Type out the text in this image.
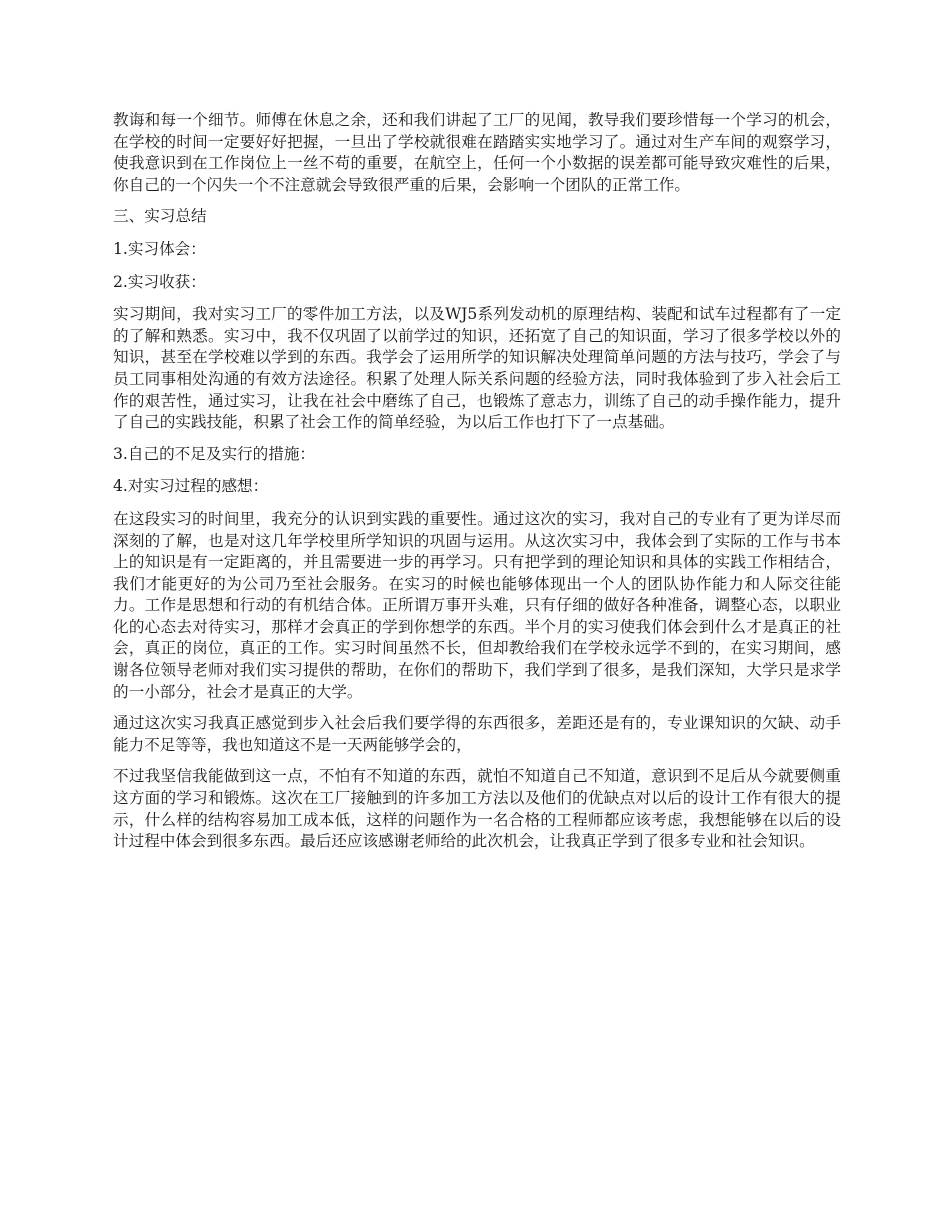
教诲和每一个细节。师傅在休息之余，还和我们讲起了工厂的见闻，教导我们要珍惜每一个学习的机会，在学校的时间一定要好好把握，一旦出了学校就很难在踏踏实实地学习了。通过对生产车间的观察学习，使我意识到在工作岗位上一丝不苟的重要，在航空上，任何一个小数据的误差都可能导致灾难性的后果，你自己的一个闪失一个不注意就会导致很严重的后果，会影响一个团队的正常工作。

三、实习总结

1.实习体会：

2.实习收获：

实习期间，我对实习工厂的零件加工方法，以及WJ5系列发动机的原理结构、装配和试车过程都有了一定的了解和熟悉。实习中，我不仅巩固了以前学过的知识，还拓宽了自己的知识面，学习了很多学校以外的知识，甚至在学校难以学到的东西。我学会了运用所学的知识解决处理简单问题的方法与技巧，学会了与员工同事相处沟通的有效方法途径。积累了处理人际关系问题的经验方法，同时我体验到了步入社会后工作的艰苦性，通过实习，让我在社会中磨练了自己，也锻炼了意志力，训练了自己的动手操作能力，提升了自己的实践技能，积累了社会工作的简单经验，为以后工作也打下了一点基础。

3.自己的不足及实行的措施：

4.对实习过程的感想：

在这段实习的时间里，我充分的认识到实践的重要性。通过这次的实习，我对自己的专业有了更为详尽而深刻的了解，也是对这几年学校里所学知识的巩固与运用。从这次实习中，我体会到了实际的工作与书本上的知识是有一定距离的，并且需要进一步的再学习。只有把学到的理论知识和具体的实践工作相结合，我们才能更好的为公司乃至社会服务。在实习的时候也能够体现出一个人的团队协作能力和人际交往能力。工作是思想和行动的有机结合体。正所谓万事开头难，只有仔细的做好各种准备，调整心态，以职业化的心态去对待实习，那样才会真正的学到你想学的东西。半个月的实习使我们体会到什么才是真正的社会，真正的岗位，真正的工作。实习时间虽然不长，但却教给我们在学校永远学不到的，在实习期间，感谢各位领导老师对我们实习提供的帮助，在你们的帮助下，我们学到了很多，是我们深知，大学只是求学的一小部分，社会才是真正的大学。

通过这次实习我真正感觉到步入社会后我们要学得的东西很多，差距还是有的，专业课知识的欠缺、动手能力不足等等，我也知道这不是一天两能够学会的，

不过我坚信我能做到这一点，不怕有不知道的东西，就怕不知道自己不知道，意识到不足后从今就要侧重这方面的学习和锻炼。这次在工厂接触到的许多加工方法以及他们的优缺点对以后的设计工作有很大的提示，什么样的结构容易加工成本低，这样的问题作为一名合格的工程师都应该考虑，我想能够在以后的设计过程中体会到很多东西。最后还应该感谢老师给的此次机会，让我真正学到了很多专业和社会知识。
